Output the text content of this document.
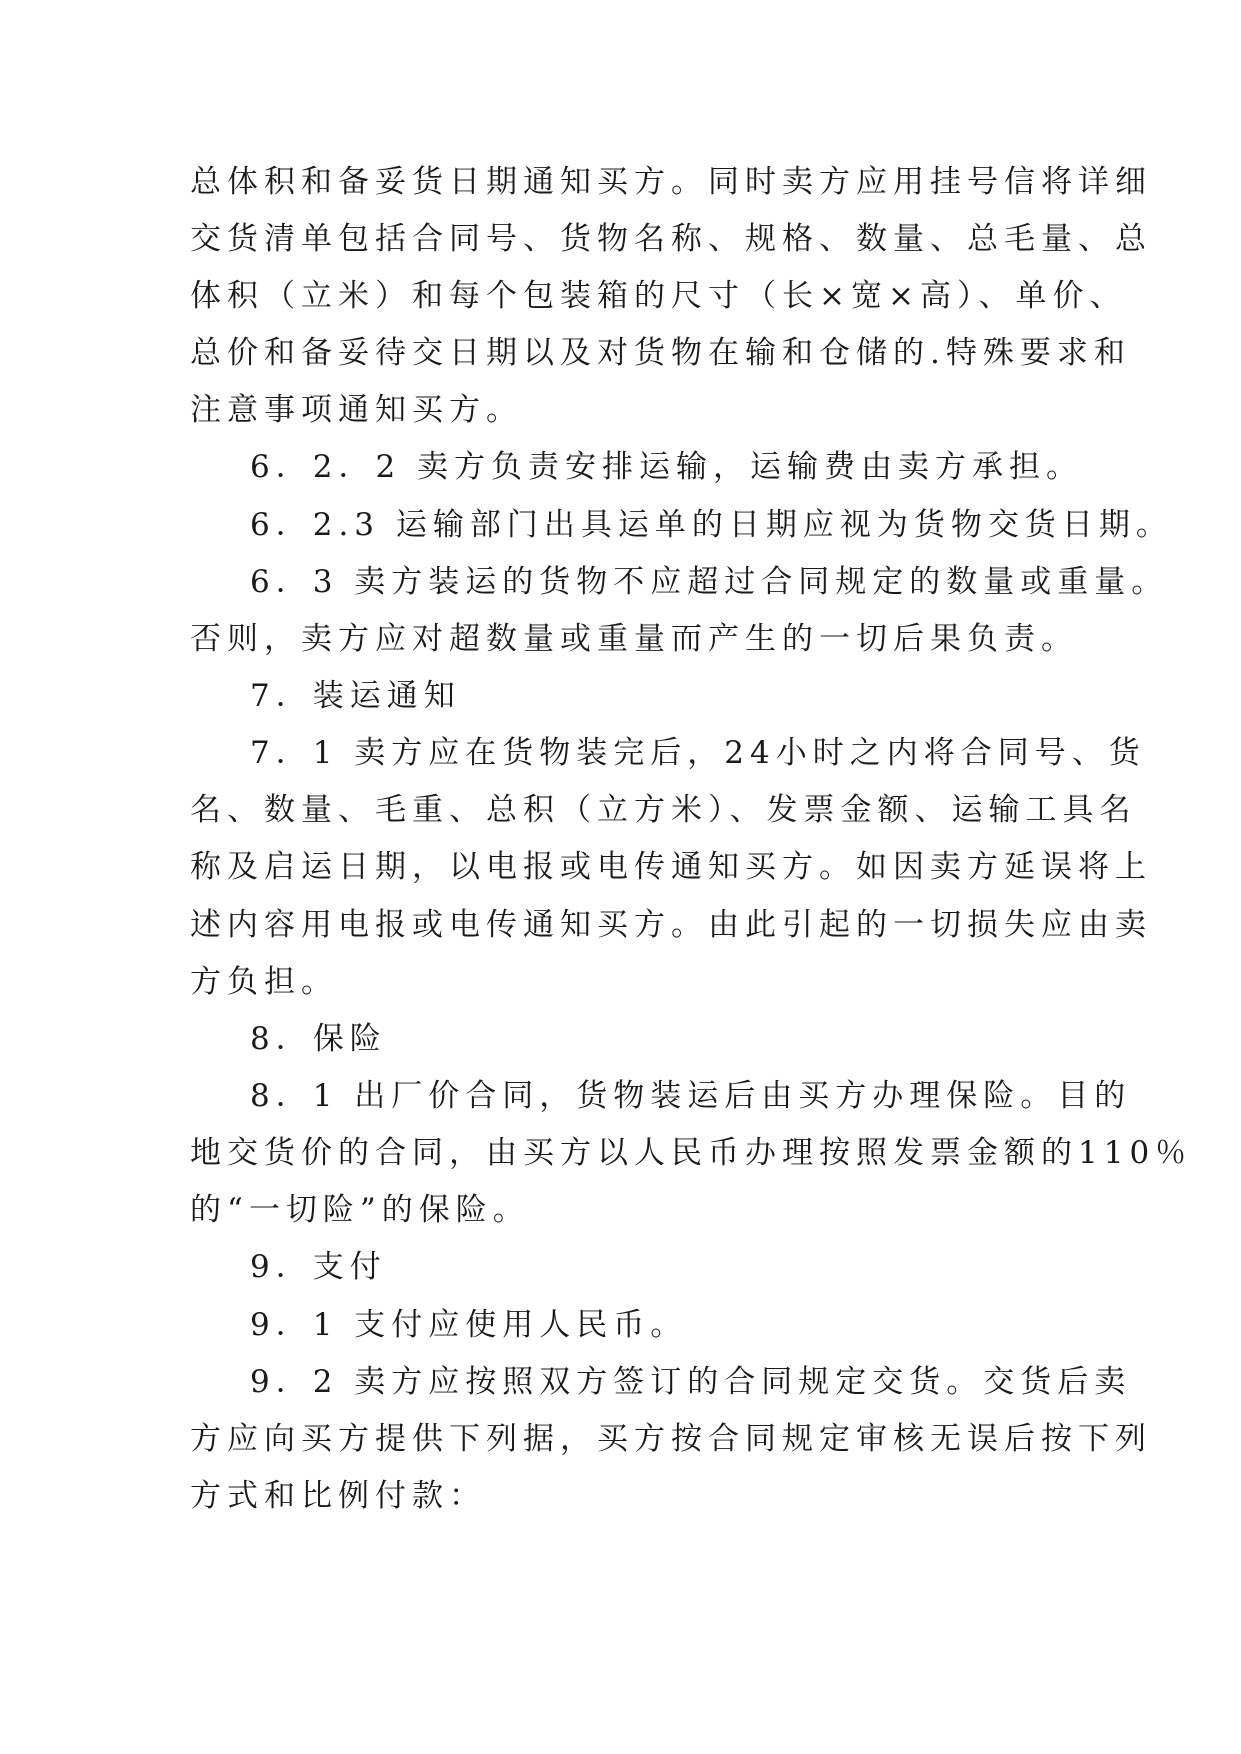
总体积和备妥货日期通知买方。同时卖方应用挂号信将详细

交货清单包括合同号、货物名称、规格、数量、总毛量、总

体积（立米）和每个包装箱的尺寸（长×宽×高）、单价、

总价和备妥待交日期以及对货物在输和仓储的.特殊要求和

注意事项通知买方。

6．2．2 卖方负责安排运输，运输费由卖方承担。

6．2.3 运输部门出具运单的日期应视为货物交货日期。

6．3 卖方装运的货物不应超过合同规定的数量或重量。

否则，卖方应对超数量或重量而产生的一切后果负责。

7．装运通知

7．1 卖方应在货物装完后，24小时之内将合同号、货

名、数量、毛重、总积（立方米）、发票金额、运输工具名

称及启运日期，以电报或电传通知买方。如因卖方延误将上

述内容用电报或电传通知买方。由此引起的一切损失应由卖

方负担。

8．保险

8．1 出厂价合同，货物装运后由买方办理保险。目的

地交货价的合同，由买方以人民币办理按照发票金额的110％

的“一切险”的保险。

9．支付

9．1 支付应使用人民币。

9．2 卖方应按照双方签订的合同规定交货。交货后卖

方应向买方提供下列据，买方按合同规定审核无误后按下列

方式和比例付款：
